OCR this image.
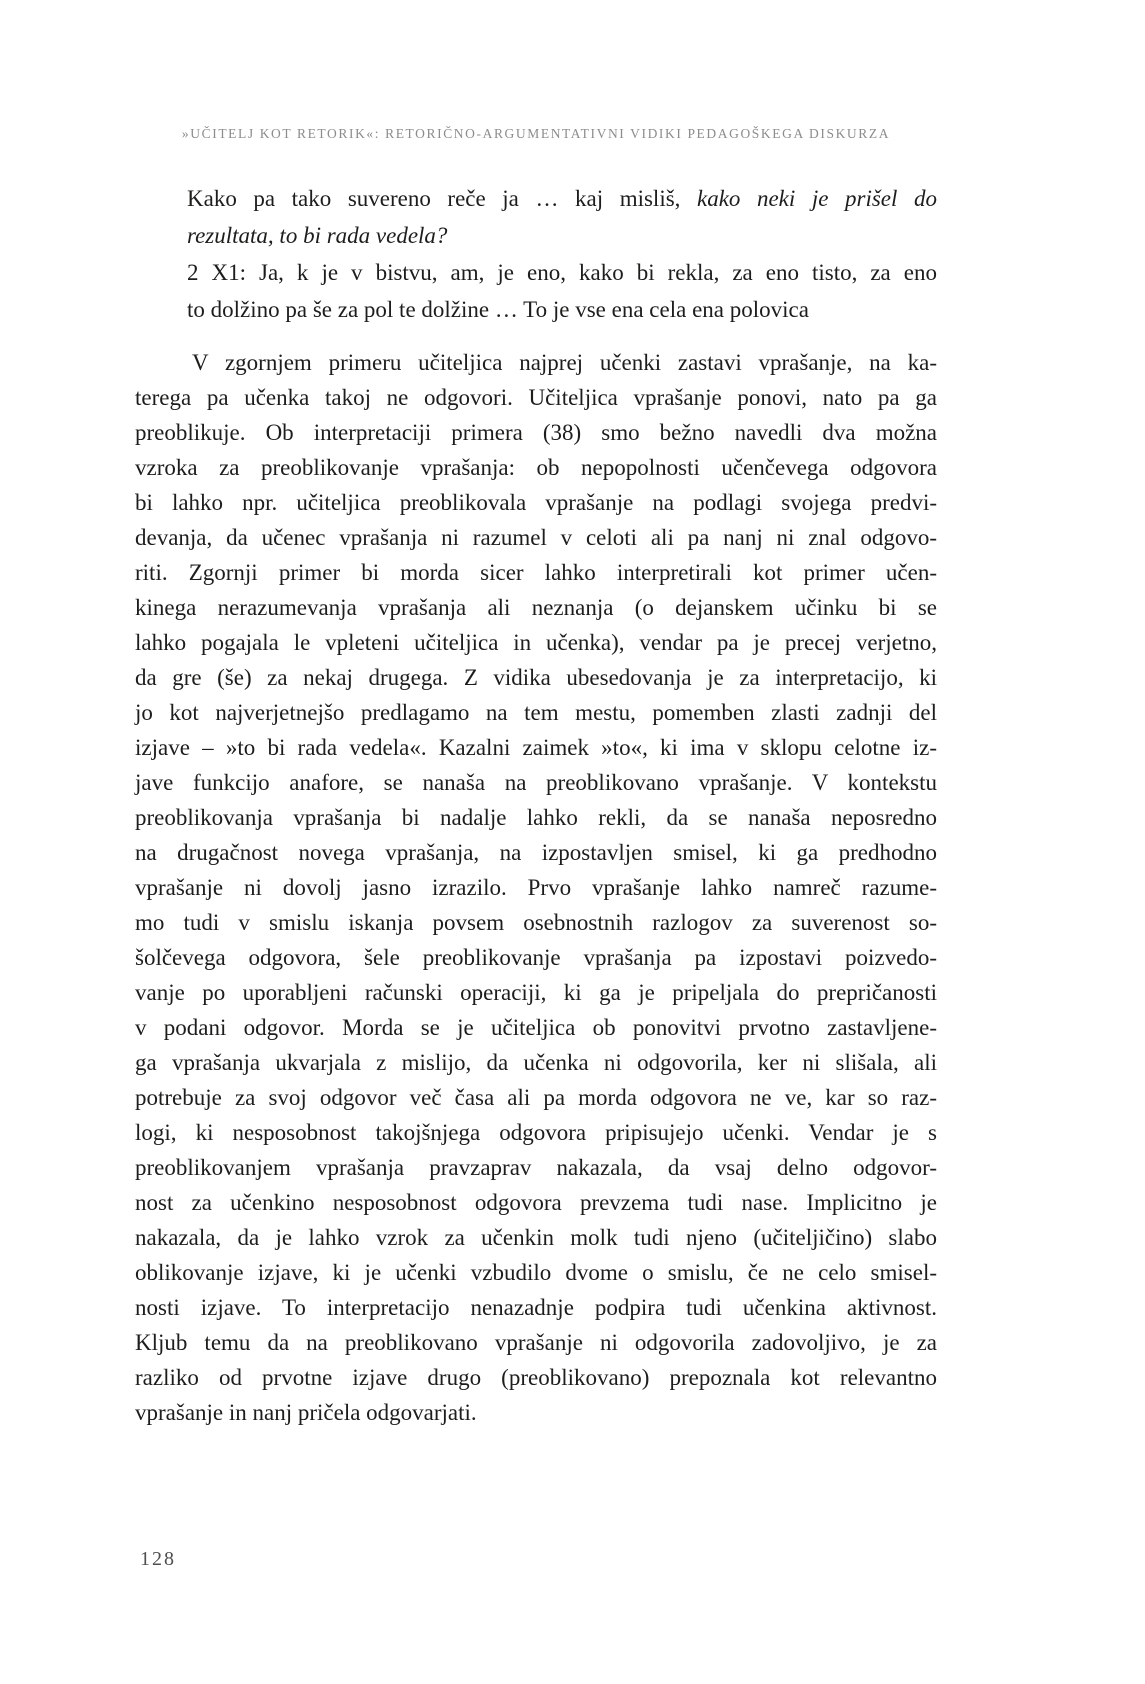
»UČITELJ KOT RETORIK«: RETORIČNO-ARGUMENTATIVNI VIDIKI PEDAGOŠKEGA DISKURZA
Kako pa tako suvereno reče ja … kaj misliš, kako neki je prišel do
rezultata, to bi rada vedela?
2 X1: Ja, k je v bistvu, am, je eno, kako bi rekla, za eno tisto, za eno
to dolžino pa še za pol te dolžine … To je vse ena cela ena polovica
V zgornjem primeru učiteljica najprej učenki zastavi vprašanje, na ka-
terega pa učenka takoj ne odgovori. Učiteljica vprašanje ponovi, nato pa ga
preoblikuje. Ob interpretaciji primera (38) smo bežno navedli dva možna
vzroka za preoblikovanje vprašanja: ob nepopolnosti učenčevega odgovora
bi lahko npr. učiteljica preoblikovala vprašanje na podlagi svojega predvi-
devanja, da učenec vprašanja ni razumel v celoti ali pa nanj ni znal odgovo-
riti. Zgornji primer bi morda sicer lahko interpretirali kot primer učen-
kinega nerazumevanja vprašanja ali neznanja (o dejanskem učinku bi se
lahko pogajala le vpleteni učiteljica in učenka), vendar pa je precej verjetno,
da gre (še) za nekaj drugega. Z vidika ubesedovanja je za interpretacijo, ki
jo kot najverjetnejšo predlagamo na tem mestu, pomemben zlasti zadnji del
izjave – »to bi rada vedela«. Kazalni zaimek »to«, ki ima v sklopu celotne iz-
jave funkcijo anafore, se nanaša na preoblikovano vprašanje. V kontekstu
preoblikovanja vprašanja bi nadalje lahko rekli, da se nanaša neposredno
na drugačnost novega vprašanja, na izpostavljen smisel, ki ga predhodno
vprašanje ni dovolj jasno izrazilo. Prvo vprašanje lahko namreč razume-
mo tudi v smislu iskanja povsem osebnostnih razlogov za suverenost so-
šolčevega odgovora, šele preoblikovanje vprašanja pa izpostavi poizvedo-
vanje po uporabljeni računski operaciji, ki ga je pripeljala do prepričanosti
v podani odgovor. Morda se je učiteljica ob ponovitvi prvotno zastavljene-
ga vprašanja ukvarjala z mislijo, da učenka ni odgovorila, ker ni slišala, ali
potrebuje za svoj odgovor več časa ali pa morda odgovora ne ve, kar so raz-
logi, ki nesposobnost takojšnjega odgovora pripisujejo učenki. Vendar je s
preoblikovanjem vprašanja pravzaprav nakazala, da vsaj delno odgovor-
nost za učenkino nesposobnost odgovora prevzema tudi nase. Implicitno je
nakazala, da je lahko vzrok za učenkin molk tudi njeno (učiteljičino) slabo
oblikovanje izjave, ki je učenki vzbudilo dvome o smislu, če ne celo smisel-
nosti izjave. To interpretacijo nenazadnje podpira tudi učenkina aktivnost.
Kljub temu da na preoblikovano vprašanje ni odgovorila zadovoljivo, je za
razliko od prvotne izjave drugo (preoblikovano) prepoznala kot relevantno
vprašanje in nanj pričela odgovarjati.
128
